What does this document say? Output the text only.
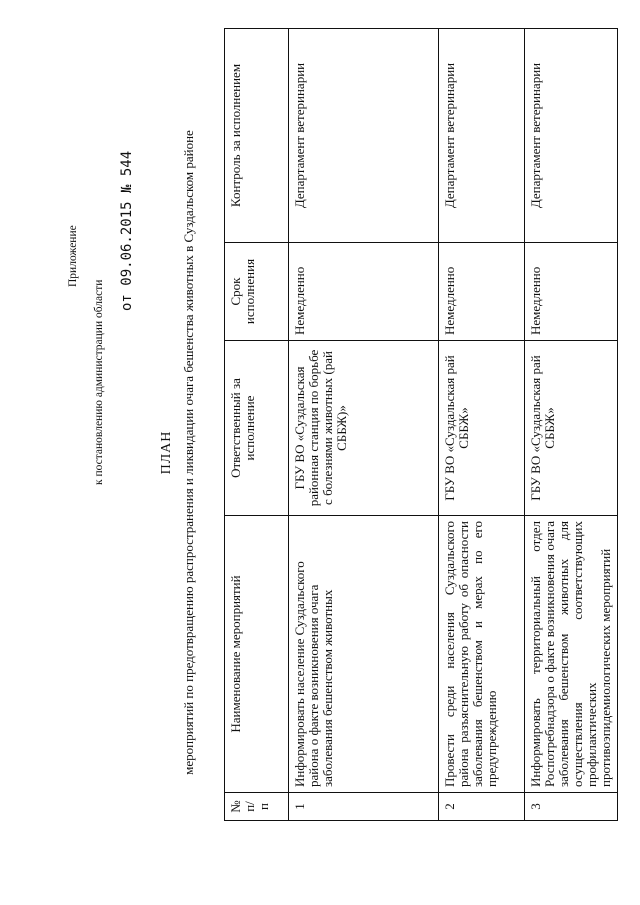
Приложение
к постановлению администрации области
от 09.06.2015 № 544
ПЛАН мероприятий по предотвращению распространения и ликвидации очага бешенства животных в Суздальском районе
№ п/п	Наименование мероприятий	Ответственный за исполнение	Срок исполнения	Контроль за исполнением
1	Информировать население Суздальского района о факте возникновения очага заболевания бешенством животных	ГБУ ВО «Суздальская районная станция по борьбе с болезнями животных (рай СББЖ)»	Немедленно	Департамент ветеринарии
2	Провести среди населения Суздальского района разъяснительную работу об опасности заболевания бешенством и мерах по его предупреждению	ГБУ ВО «Суздальская рай СББЖ»	Немедленно	Департамент ветеринарии
3	Информировать территориальный отдел Роспотребнадзора о факте возникновения очага заболевания бешенством животных для осуществления соответствующих профилактических противоэпидемиологических мероприятий	ГБУ ВО «Суздальская рай СББЖ»	Немедленно	Департамент ветеринарии
